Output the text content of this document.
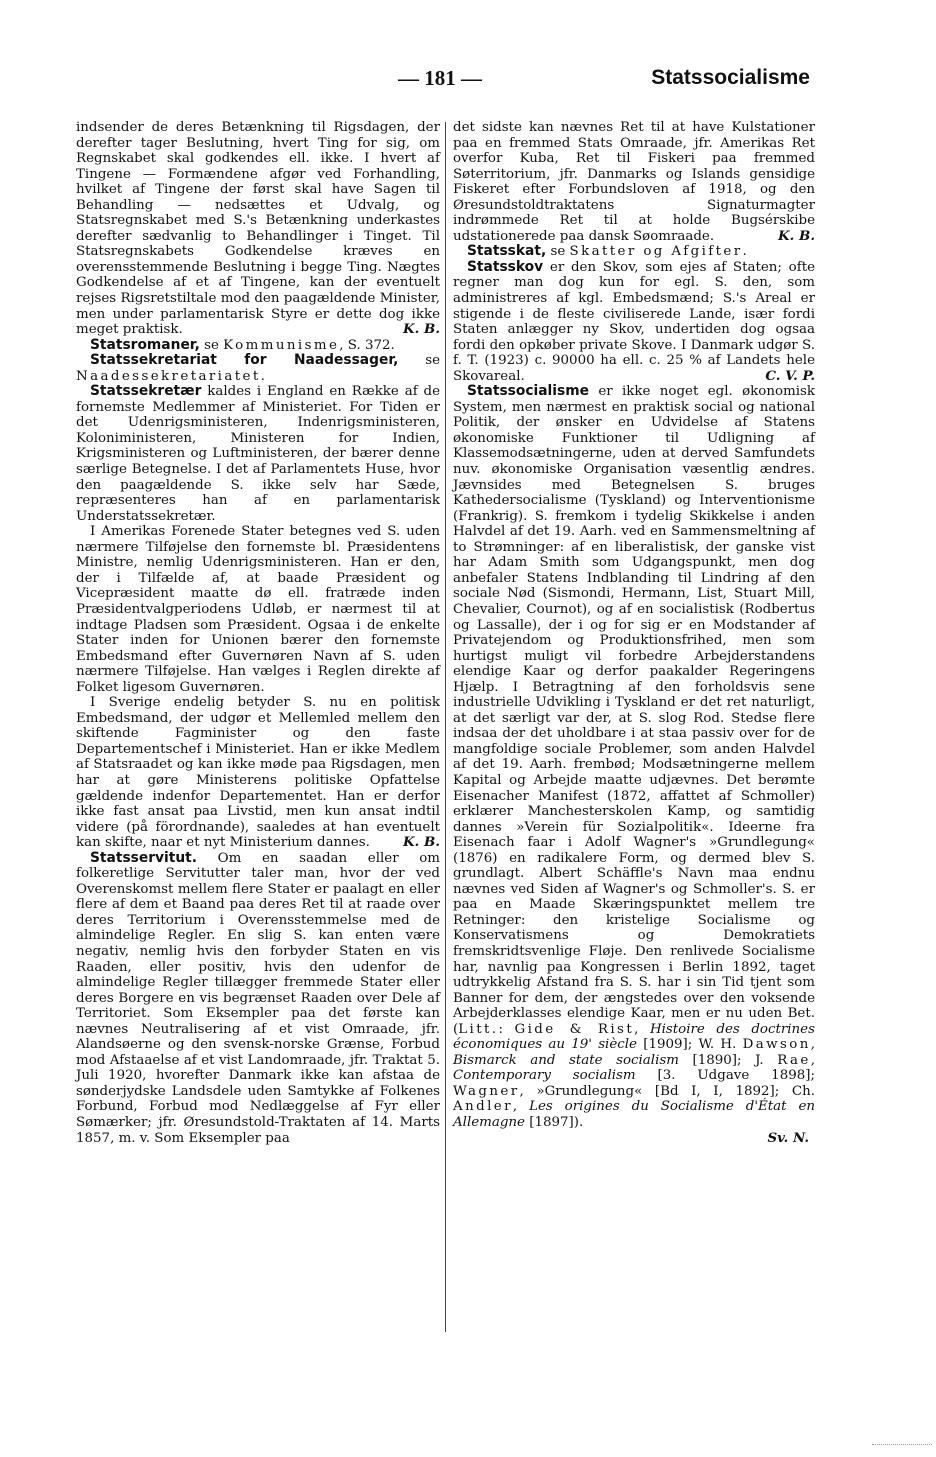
— 181 —	Statssocialisme

indsender de deres Betænkning til Rigsdagen, der derefter tager Beslutning, hvert Ting for sig, om Regnskabet skal godkendes ell. ikke. I hvert af Tingene — Formændene afgør ved Forhandling, hvilket af Tingene der først skal have Sagen til Behandling — nedsættes et Udvalg, og Statsregnskabet med S.'s Betænkning underkastes derefter sædvanlig to Behandlinger i Tinget. Til Statsregnskabets Godkendelse kræves en overensstemmende Beslutning i begge Ting. Nægtes Godkendelse af et af Tingene, kan der eventuelt rejses Rigsretstiltale mod den paagældende Minister, men under parlamentarisk Styre er dette dog ikke meget praktisk.	K. B.

Statsromaner, se Kommunisme, S. 372.

Statssekretariat for Naadessager, se Naadessekretariatet.

Statssekretær kaldes i England en Række af de fornemste Medlemmer af Ministeriet. For Tiden er det Udenrigsministeren, Indenrigsministeren, Koloniministeren, Ministeren for Indien, Krigsministeren og Luftministeren, der bærer denne særlige Betegnelse. I det af Parlamentets Huse, hvor den paagældende S. ikke selv har Sæde, repræsenteres han af en parlamentarisk Understatssekretær.

I Amerikas Forenede Stater betegnes ved S. uden nærmere Tilføjelse den fornemste bl. Præsidentens Ministre, nemlig Udenrigsministeren. Han er den, der i Tilfælde af, at baade Præsident og Vicepræsident maatte dø ell. fratræde inden Præsidentvalgperiodens Udløb, er nærmest til at indtage Pladsen som Præsident. Ogsaa i de enkelte Stater inden for Unionen bærer den fornemste Embedsmand efter Guvernøren Navn af S. uden nærmere Tilføjelse. Han vælges i Reglen direkte af Folket ligesom Guvernøren.

I Sverige endelig betyder S. nu en politisk Embedsmand, der udgør et Mellemled mellem den skiftende Fagminister og den faste Departementschef i Ministeriet. Han er ikke Medlem af Statsraadet og kan ikke møde paa Rigsdagen, men har at gøre Ministerens politiske Opfattelse gældende indenfor Departementet. Han er derfor ikke fast ansat paa Livstid, men kun ansat indtil videre (på förordnande), saaledes at han eventuelt kan skifte, naar et nyt Ministerium dannes.	K. B.

Statsservitut. Om en saadan eller om folkeretlige Servitutter taler man, hvor der ved Overenskomst mellem flere Stater er paalagt en eller flere af dem et Baand paa deres Ret til at raade over deres Territorium i Overensstemmelse med de almindelige Regler. En slig S. kan enten være negativ, nemlig hvis den forbyder Staten en vis Raaden, eller positiv, hvis den udenfor de almindelige Regler tillægger fremmede Stater eller deres Borgere en vis begrænset Raaden over Dele af Territoriet. Som Eksempler paa det første kan nævnes Neutralisering af et vist Omraade, jfr. Alandsøerne og den svensk-norske Grænse, Forbud mod Afstaaelse af et vist Landomraade, jfr. Traktat 5. Juli 1920, hvorefter Danmark ikke kan afstaa de sønderjydske Landsdele uden Samtykke af Folkenes Forbund, Forbud mod Nedlæggelse af Fyr eller Sømærker; jfr. Øresundstold-Traktaten af 14. Marts 1857, m. v. Som Eksempler paa

det sidste kan nævnes Ret til at have Kulstationer paa en fremmed Stats Omraade, jfr. Amerikas Ret overfor Kuba, Ret til Fiskeri paa fremmed Søterritorium, jfr. Danmarks og Islands gensidige Fiskeret efter Forbundsloven af 1918, og den Øresundstoldtraktatens Signaturmagter indrømmede Ret til at holde Bugsérskibe udstationerede paa dansk Søomraade.	K. B.

Statsskat, se Skatter og Afgifter.

Statsskov er den Skov, som ejes af Staten; ofte regner man dog kun for egl. S. den, som administreres af kgl. Embedsmænd; S.'s Areal er stigende i de fleste civiliserede Lande, især fordi Staten anlægger ny Skov, undertiden dog ogsaa fordi den opkøber private Skove. I Danmark udgør S. f. T. (1923) c. 90000 ha ell. c. 25 % af Landets hele Skovareal.	C. V. P.

Statssocialisme er ikke noget egl. økonomisk System, men nærmest en praktisk social og national Politik, der ønsker en Udvidelse af Statens økonomiske Funktioner til Udligning af Klassemodsætningerne, uden at derved Samfundets nuv. økonomiske Organisation væsentlig ændres. Jævnsides med Betegnelsen S. bruges Kathedersocialisme (Tyskland) og Interventionisme (Frankrig). S. fremkom i tydelig Skikkelse i anden Halvdel af det 19. Aarh. ved en Sammensmeltning af to Strømninger: af en liberalistisk, der ganske vist har Adam Smith som Udgangspunkt, men dog anbefaler Statens Indblanding til Lindring af den sociale Nød (Sismondi, Hermann, List, Stuart Mill, Chevalier, Cournot), og af en socialistisk (Rodbertus og Lassalle), der i og for sig er en Modstander af Privatejendom og Produktionsfrihed, men som hurtigst muligt vil forbedre Arbejderstandens elendige Kaar og derfor paakalder Regeringens Hjælp. I Betragtning af den forholdsvis sene industrielle Udvikling i Tyskland er det ret naturligt, at det særligt var der, at S. slog Rod. Stedse flere indsaa der det uholdbare i at staa passiv over for de mangfoldige sociale Problemer, som anden Halvdel af det 19. Aarh. frembød; Modsætningerne mellem Kapital og Arbejde maatte udjævnes. Det berømte Eisenacher Manifest (1872, affattet af Schmoller) erklærer Manchesterskolen Kamp, og samtidig dannes »Verein für Sozialpolitik«. Ideerne fra Eisenach faar i Adolf Wagner's »Grundlegung« (1876) en radikalere Form, og dermed blev S. grundlagt. Albert Schäffle's Navn maa endnu nævnes ved Siden af Wagner's og Schmoller's. S. er paa en Maade Skæringspunktet mellem tre Retninger: den kristelige Socialisme og Konservatismens og Demokratiets fremskridtsvenlige Fløje. Den renlivede Socialisme har, navnlig paa Kongressen i Berlin 1892, taget udtrykkelig Afstand fra S. S. har i sin Tid tjent som Banner for dem, der ængstedes over den voksende Arbejderklasses elendige Kaar, men er nu uden Bet. (Litt.: Gide & Rist, Histoire des doctrines économiques au 19' siècle [1909]; W. H. Dawson, Bismarck and state socialism [1890]; J. Rae, Contemporary socialism [3. Udgave 1898]; Wagner, »Grundlegung« [Bd I, I, 1892]; Ch. Andler, Les origines du Socialisme d'État en Allemagne [1897]).

Sv. N.
